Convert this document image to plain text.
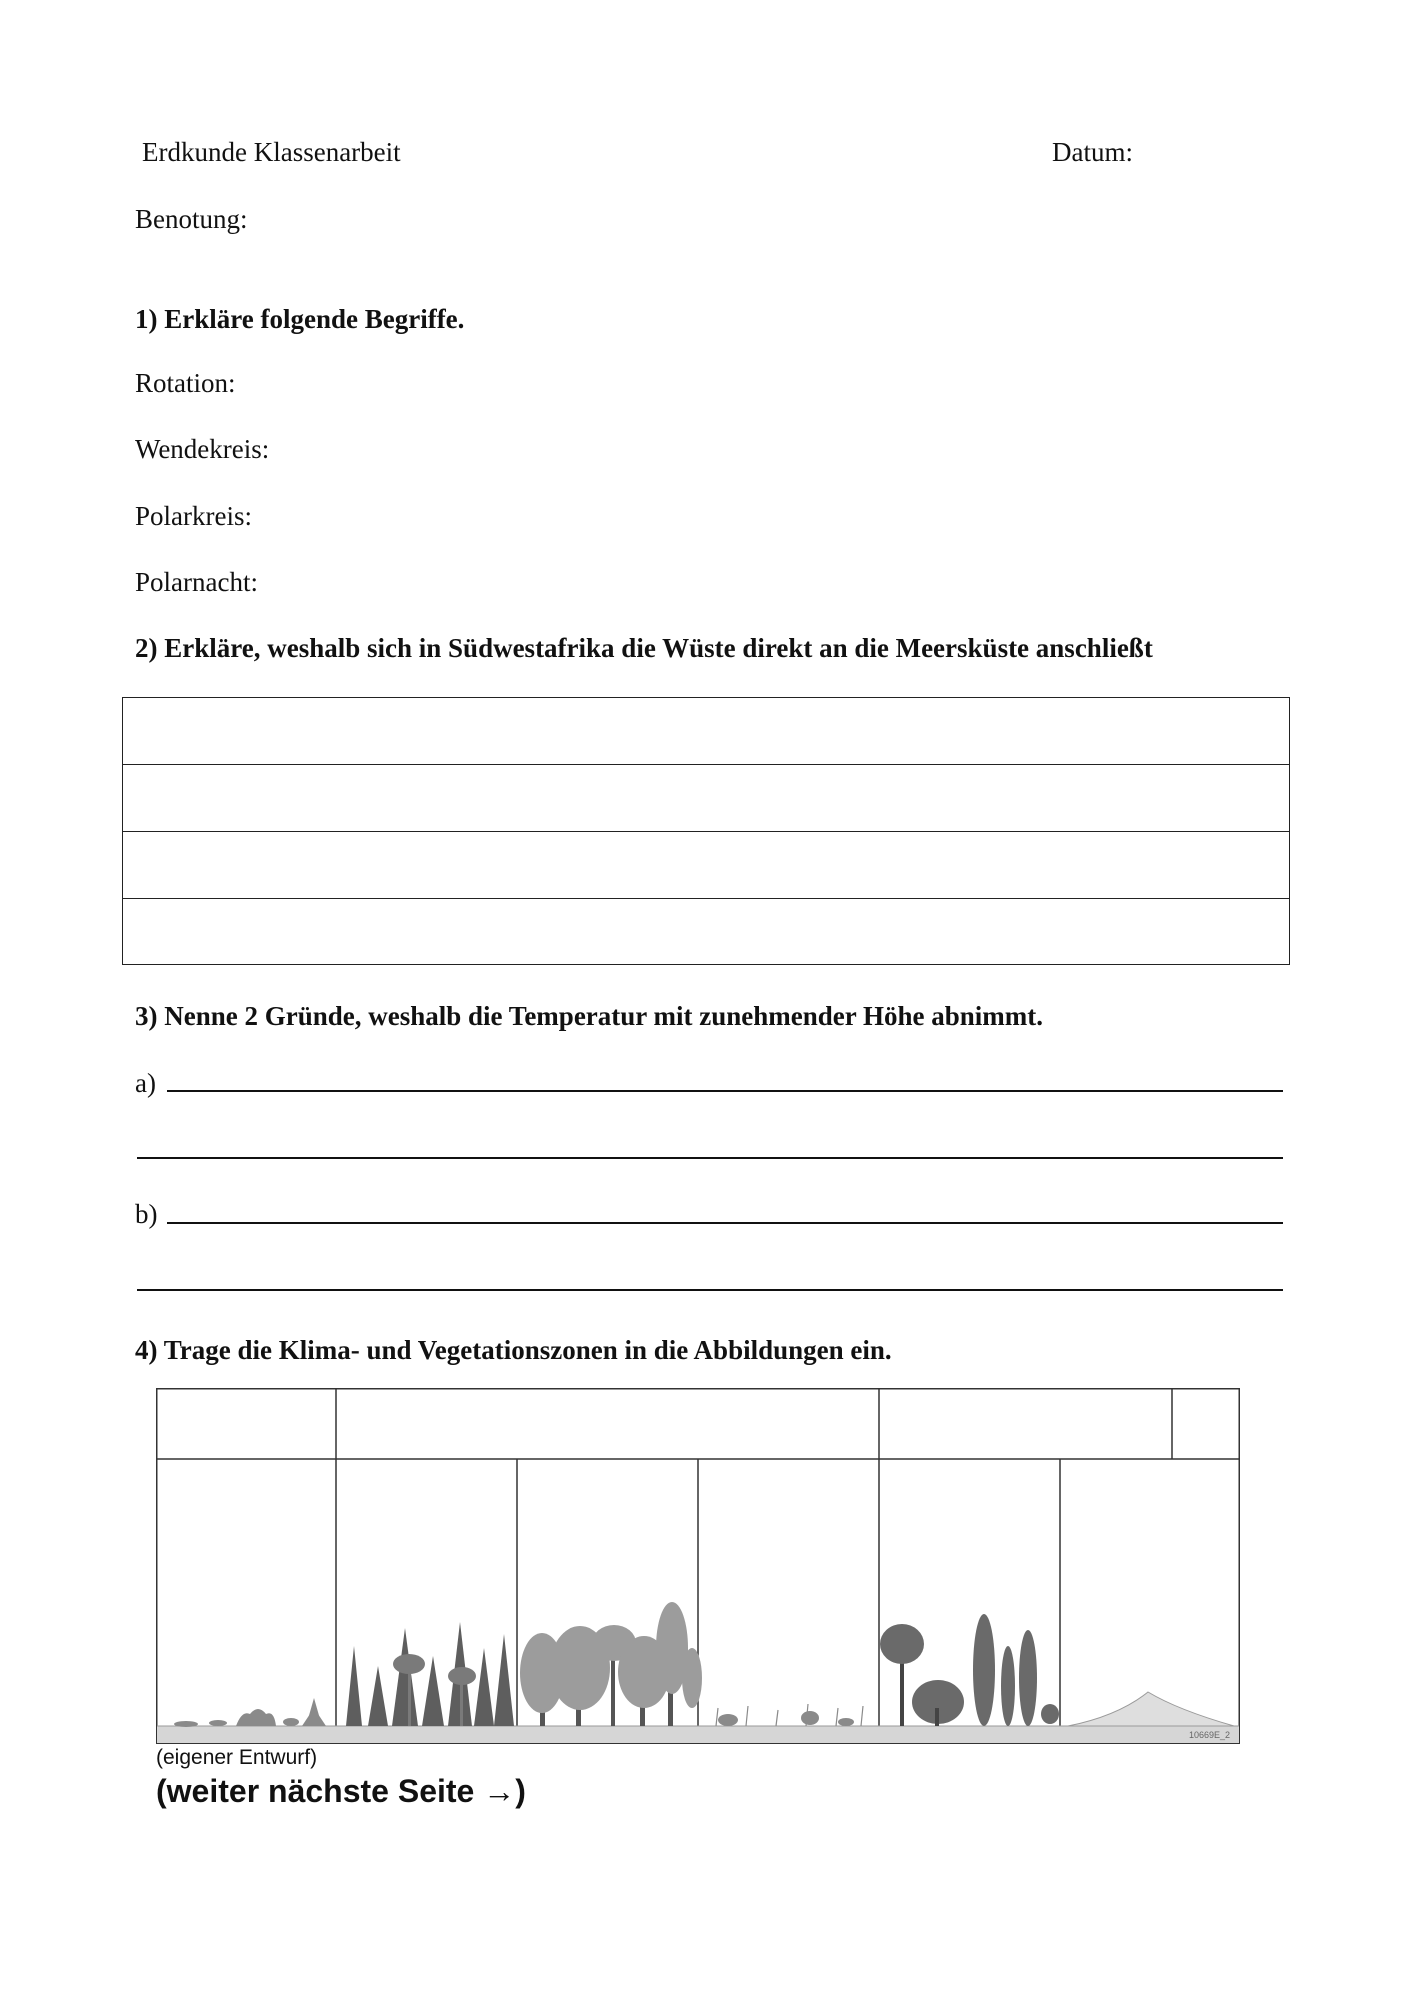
Erdkunde Klassenarbeit	Datum:
Benotung:
1) Erkläre folgende Begriffe.
Rotation:
Wendekreis:
Polarkreis:
Polarnacht:
2) Erkläre, weshalb sich in Südwestafrika die Wüste direkt an die Meersküste anschließt
3) Nenne 2 Gründe, weshalb die Temperatur mit zunehmender Höhe abnimmt.
a)
b)
4) Trage die Klima- und Vegetationszonen in die Abbildungen ein.
10669E_2
(eigener Entwurf)
(weiter nächste Seite →)
